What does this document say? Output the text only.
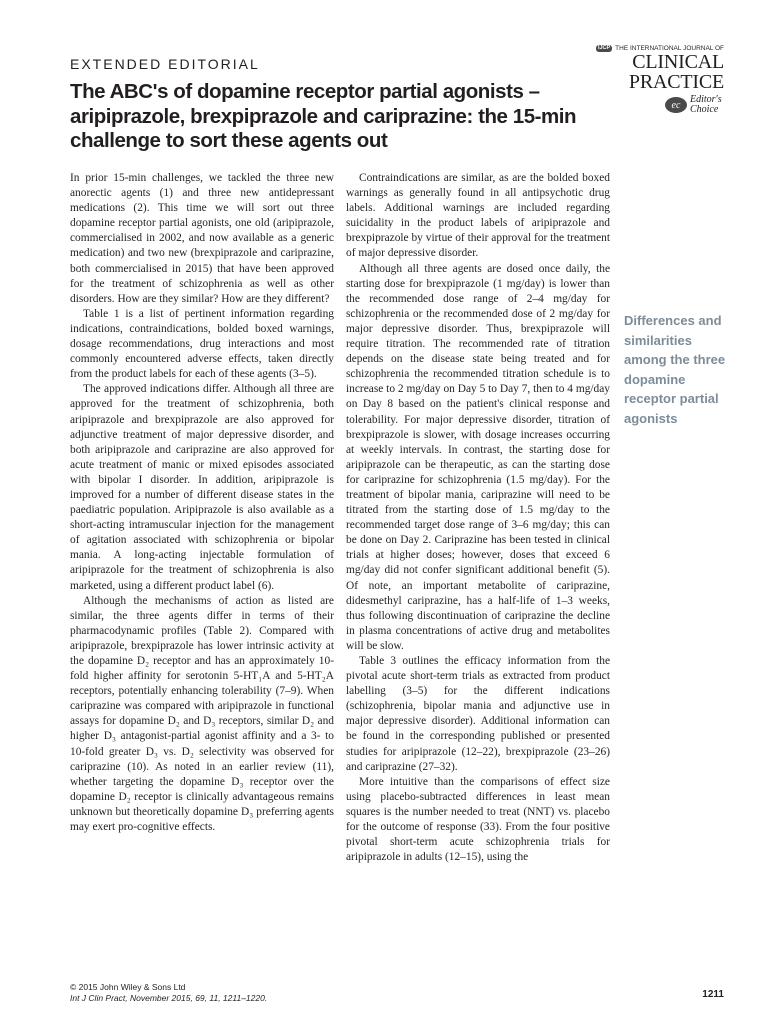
EXTENDED EDITORIAL
IJCP THE INTERNATIONAL JOURNAL OF
CLINICAL PRACTICE
ec Editor's Choice
The ABC's of dopamine receptor partial agonists – aripiprazole, brexpiprazole and cariprazine: the 15-min challenge to sort these agents out

In prior 15-min challenges, we tackled the three new anorectic agents (1) and three new antidepressant medications (2). This time we will sort out three dopamine receptor partial agonists, one old (aripiprazole, commercialised in 2002, and now available as a generic medication) and two new (brexpiprazole and cariprazine, both commercialised in 2015) that have been approved for the treatment of schizophrenia as well as other disorders. How are they similar? How are they different?

Table 1 is a list of pertinent information regarding indications, contraindications, bolded boxed warnings, dosage recommendations, drug interactions and most commonly encountered adverse effects, taken directly from the product labels for each of these agents (3–5).

The approved indications differ. Although all three are approved for the treatment of schizophrenia, both aripiprazole and brexpiprazole are also approved for adjunctive treatment of major depressive disorder, and both aripiprazole and cariprazine are also approved for acute treatment of manic or mixed episodes associated with bipolar I disorder. In addition, aripiprazole is improved for a number of different disease states in the paediatric population. Aripiprazole is also available as a short-acting intramuscular injection for the management of agitation associated with schizophrenia or bipolar mania. A long-acting injectable formulation of aripiprazole for the treatment of schizophrenia is also marketed, using a different product label (6).

Although the mechanisms of action as listed are similar, the three agents differ in terms of their pharmacodynamic profiles (Table 2). Compared with aripiprazole, brexpiprazole has lower intrinsic activity at the dopamine D₂ receptor and has an approximately 10-fold higher affinity for serotonin 5-HT₁A and 5-HT₂A receptors, potentially enhancing tolerability (7–9). When cariprazine was compared with aripiprazole in functional assays for dopamine D₂ and D₃ receptors, similar D₂ and higher D₃ antagonist-partial agonist affinity and a 3- to 10-fold greater D₃ vs. D₂ selectivity was observed for cariprazine (10). As noted in an earlier review (11), whether targeting the dopamine D₃ receptor over the dopamine D₂ receptor is clinically advantageous remains unknown but theoretically dopamine D₃ preferring agents may exert pro-cognitive effects.

Contraindications are similar, as are the bolded boxed warnings as generally found in all antipsychotic drug labels. Additional warnings are included regarding suicidality in the product labels of aripiprazole and brexpiprazole by virtue of their approval for the treatment of major depressive disorder.

Although all three agents are dosed once daily, the starting dose for brexpiprazole (1 mg/day) is lower than the recommended dose range of 2–4 mg/day for schizophrenia or the recommended dose of 2 mg/day for major depressive disorder. Thus, brexpiprazole will require titration. The recommended rate of titration depends on the disease state being treated and for schizophrenia the recommended titration schedule is to increase to 2 mg/day on Day 5 to Day 7, then to 4 mg/day on Day 8 based on the patient's clinical response and tolerability. For major depressive disorder, titration of brexpiprazole is slower, with dosage increases occurring at weekly intervals. In contrast, the starting dose for aripiprazole can be therapeutic, as can the starting dose for cariprazine for schizophrenia (1.5 mg/day). For the treatment of bipolar mania, cariprazine will need to be titrated from the starting dose of 1.5 mg/day to the recommended target dose range of 3–6 mg/day; this can be done on Day 2. Cariprazine has been tested in clinical trials at higher doses; however, doses that exceed 6 mg/day did not confer significant additional benefit (5). Of note, an important metabolite of cariprazine, didesmethyl cariprazine, has a half-life of 1–3 weeks, thus following discontinuation of cariprazine the decline in plasma concentrations of active drug and metabolites will be slow.

Table 3 outlines the efficacy information from the pivotal acute short-term trials as extracted from product labelling (3–5) for the different indications (schizophrenia, bipolar mania and adjunctive use in major depressive disorder). Additional information can be found in the corresponding published or presented studies for aripiprazole (12–22), brexpiprazole (23–26) and cariprazine (27–32).

More intuitive than the comparisons of effect size using placebo-subtracted differences in least mean squares is the number needed to treat (NNT) vs. placebo for the outcome of response (33). From the four positive pivotal short-term acute schizophrenia trials for aripiprazole in adults (12–15), using the

Differences and similarities among the three dopamine receptor partial agonists
© 2015 John Wiley & Sons Ltd
Int J Clin Pract, November 2015, 69, 11, 1211–1220.	1211
